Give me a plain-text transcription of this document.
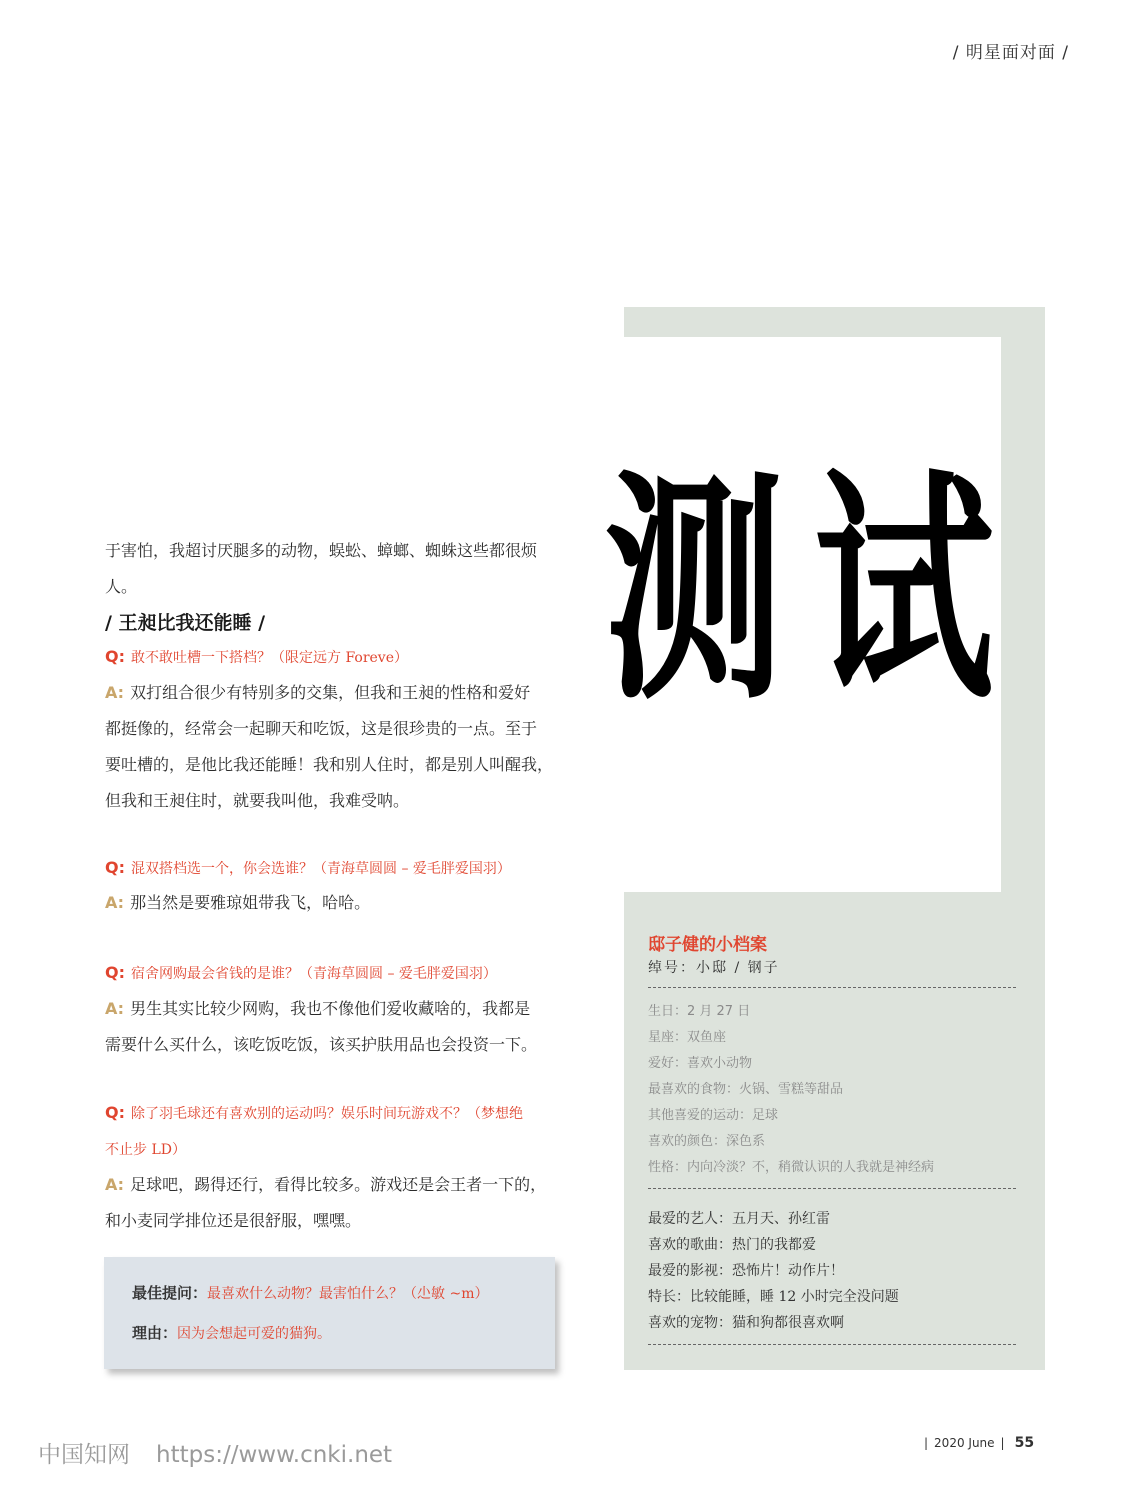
/ 明星面对面 /
测试
于害怕，我超讨厌腿多的动物，蜈蚣、蟑螂、蜘蛛这些都很烦人。
/ 王昶比我还能睡 /
Q: 敢不敢吐槽一下搭档？（限定远方 Foreve）
A: 双打组合很少有特别多的交集，但我和王昶的性格和爱好
都挺像的，经常会一起聊天和吃饭，这是很珍贵的一点。至于
要吐槽的，是他比我还能睡！我和别人住时，都是别人叫醒我，
但我和王昶住时，就要我叫他，我难受呐。
Q: 混双搭档选一个，你会选谁？（青海草圆圆 – 爱毛胖爱国羽）
A: 那当然是要雅琼姐带我飞，哈哈。
Q: 宿舍网购最会省钱的是谁？（青海草圆圆 – 爱毛胖爱国羽）
A: 男生其实比较少网购，我也不像他们爱收藏啥的，我都是
需要什么买什么，该吃饭吃饭，该买护肤用品也会投资一下。
Q: 除了羽毛球还有喜欢别的运动吗？娱乐时间玩游戏不？（梦想绝
不止步 LD）
A: 足球吧，踢得还行，看得比较多。游戏还是会王者一下的，
和小麦同学排位还是很舒服，嘿嘿。
最佳提问：最喜欢什么动物？最害怕什么？（尐敏 ~m）
理由：因为会想起可爱的猫狗。
邸子健的小档案
绰号：小邸 / 钢子
生日：2 月 27 日
星座：双鱼座
爱好：喜欢小动物
最喜欢的食物：火锅、雪糕等甜品
其他喜爱的运动：足球
喜欢的颜色：深色系
性格：内向冷淡？不，稍微认识的人我就是神经病
最爱的艺人：五月天、孙红雷
喜欢的歌曲：热门的我都爱
最爱的影视：恐怖片！动作片！
特长：比较能睡，睡 12 小时完全没问题
喜欢的宠物：猫和狗都很喜欢啊
| 2020 June | 55
中国知网 https://www.cnki.net
